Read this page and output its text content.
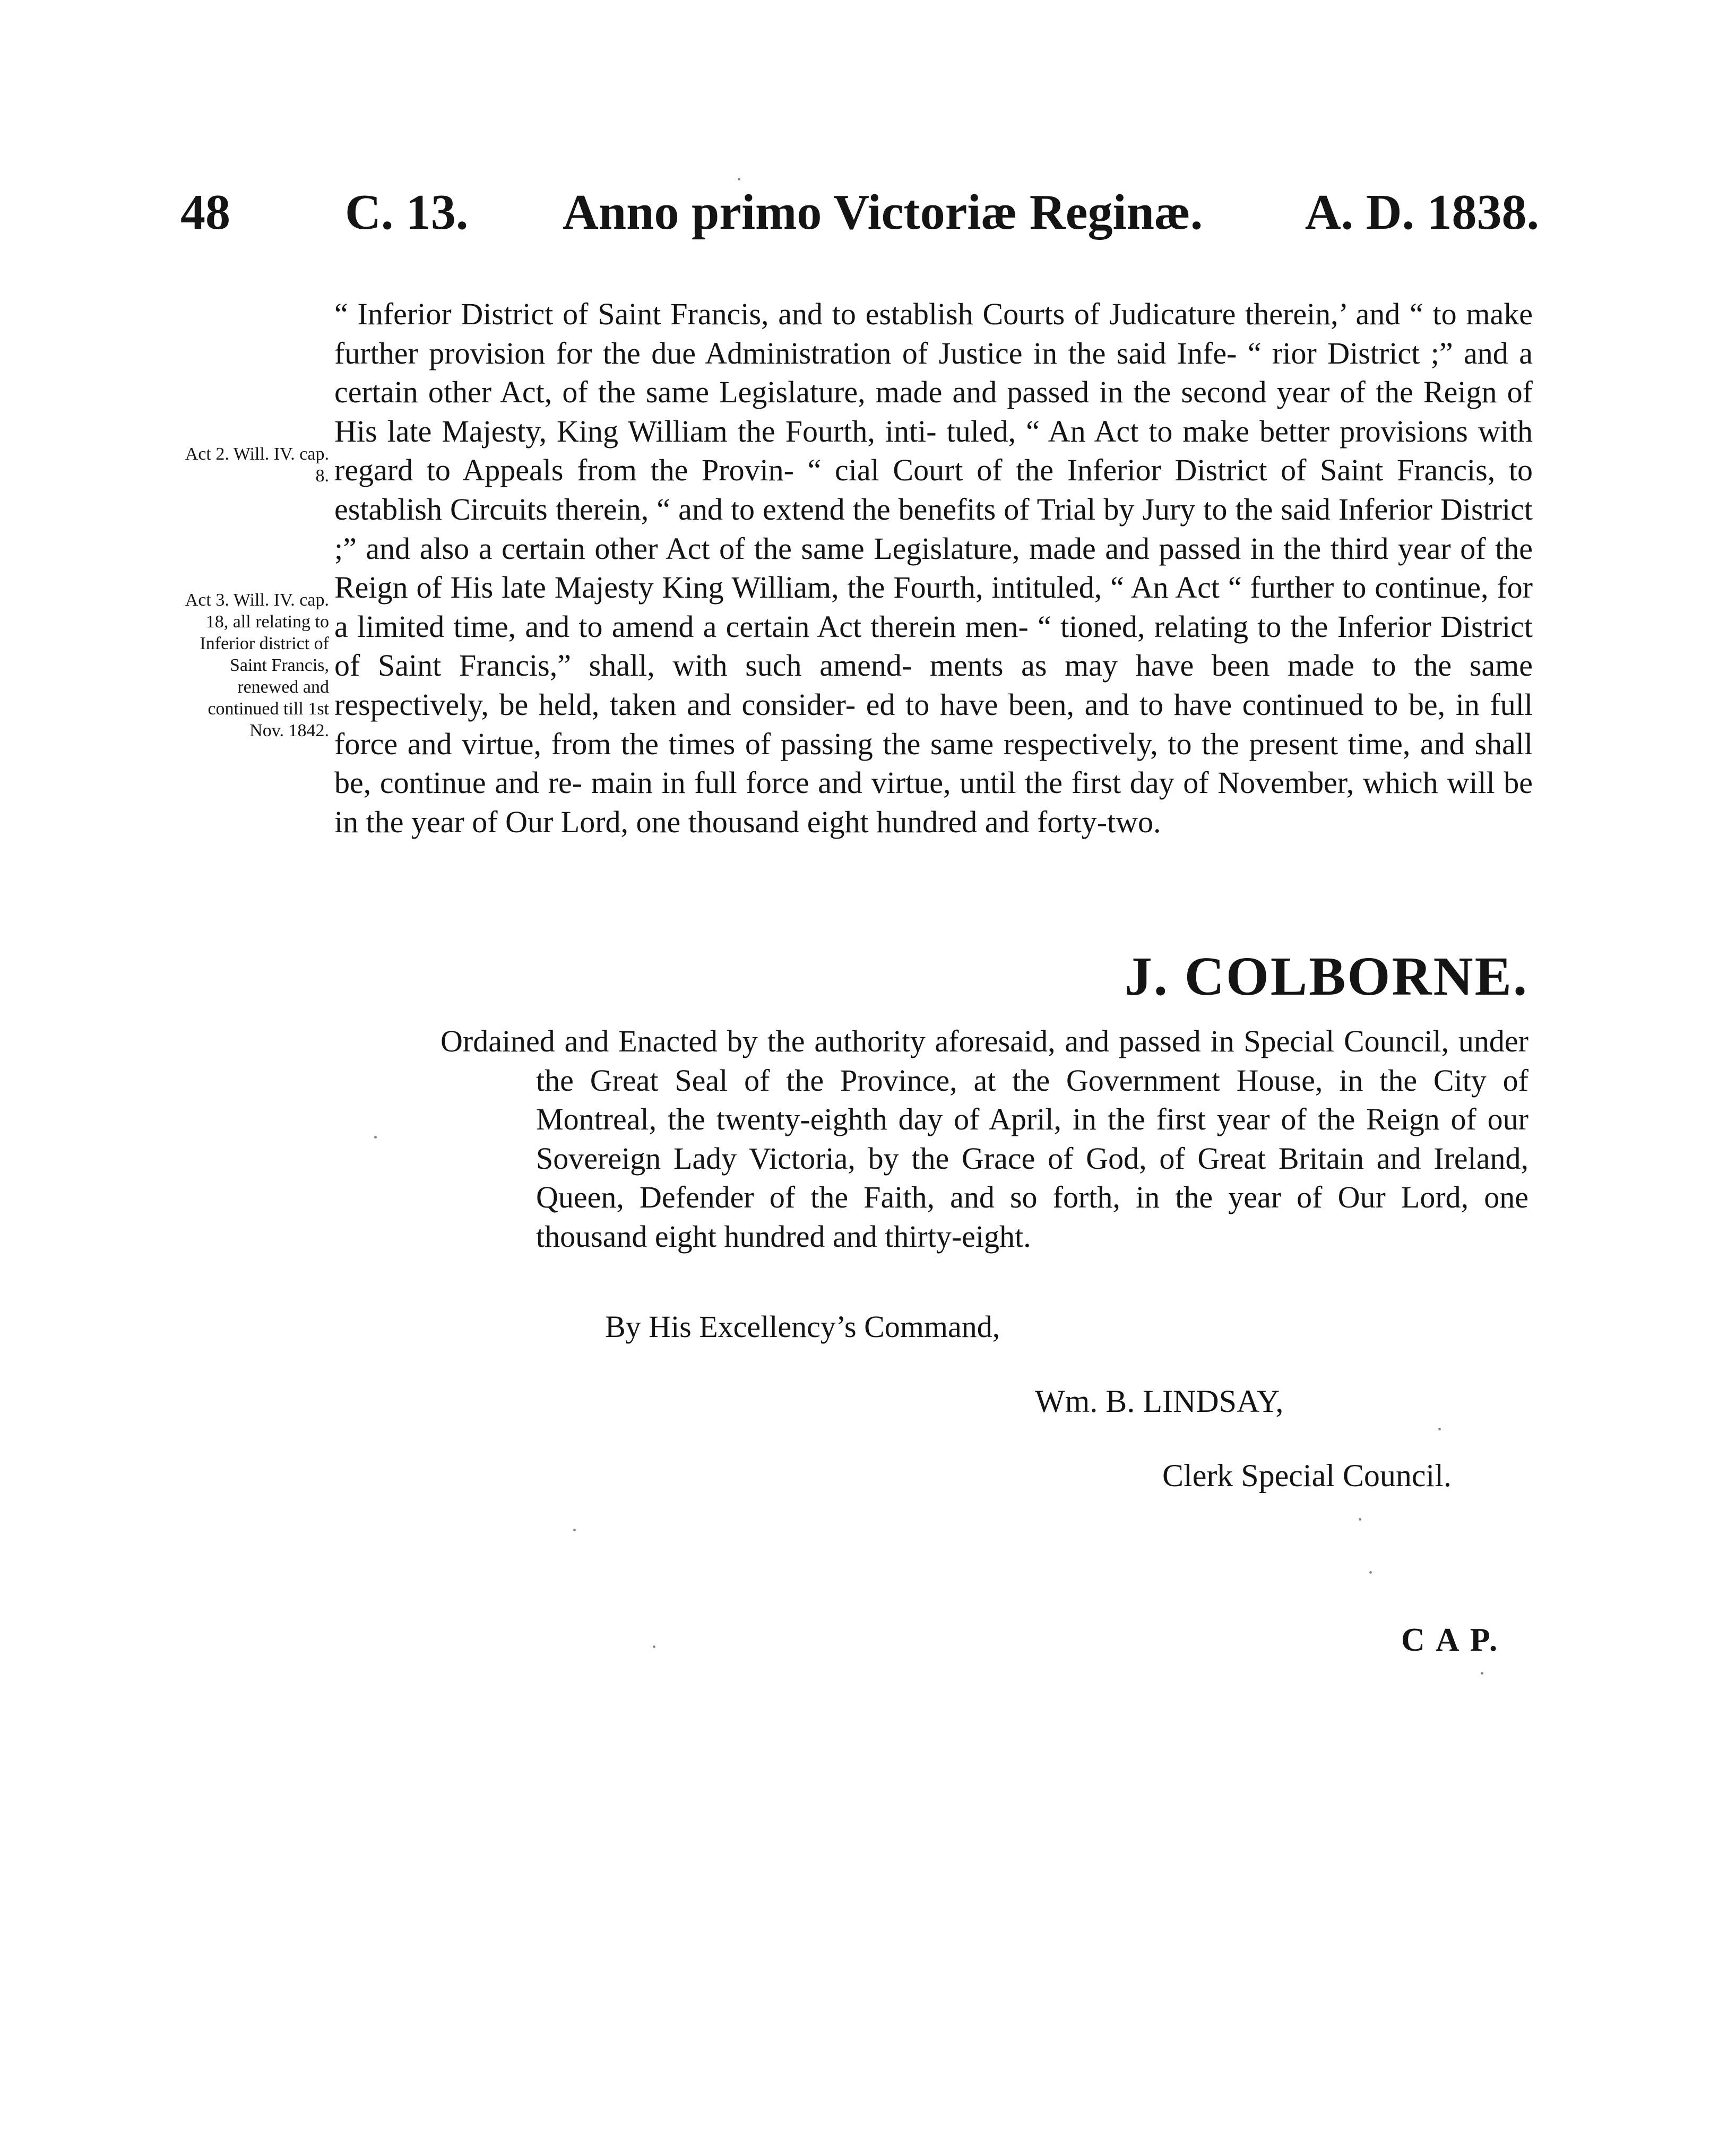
48 C. 13. Anno primo Victoriæ Reginæ. A. D. 1838.
Act 2. Will. IV. cap. 8.
Act 3. Will. IV. cap. 18, all relating to Inferior district of Saint Francis, renewed and continued till 1st Nov. 1842.

“ Inferior District of Saint Francis, and to establish Courts of Judicature therein,’ and “ to make further provision for the due Administration of Justice in the said Infe- “ rior District ;” and a certain other Act, of the same Legislature, made and passed in the second year of the Reign of His late Majesty, King William the Fourth, inti- tuled, “ An Act to make better provisions with regard to Appeals from the Provin- “ cial Court of the Inferior District of Saint Francis, to establish Circuits therein, “ and to extend the benefits of Trial by Jury to the said Inferior District ;” and also a certain other Act of the same Legislature, made and passed in the third year of the Reign of His late Majesty King William, the Fourth, intituled, “ An Act “ further to continue, for a limited time, and to amend a certain Act therein men- “ tioned, relating to the Inferior District of Saint Francis,” shall, with such amend- ments as may have been made to the same respectively, be held, taken and consider- ed to have been, and to have continued to be, in full force and virtue, from the times of passing the same respectively, to the present time, and shall be, continue and re- main in full force and virtue, until the first day of November, which will be in the year of Our Lord, one thousand eight hundred and forty-two.

J. COLBORNE.

Ordained and Enacted by the authority aforesaid, and passed in Special Council, under the Great Seal of the Province, at the Government House, in the City of Montreal, the twenty-eighth day of April, in the first year of the Reign of our Sovereign Lady Victoria, by the Grace of God, of Great Britain and Ireland, Queen, Defender of the Faith, and so forth, in the year of Our Lord, one thousand eight hundred and thirty-eight.

By His Excellency’s Command,
Wm. B. LINDSAY,
Clerk Special Council.
C A P.
